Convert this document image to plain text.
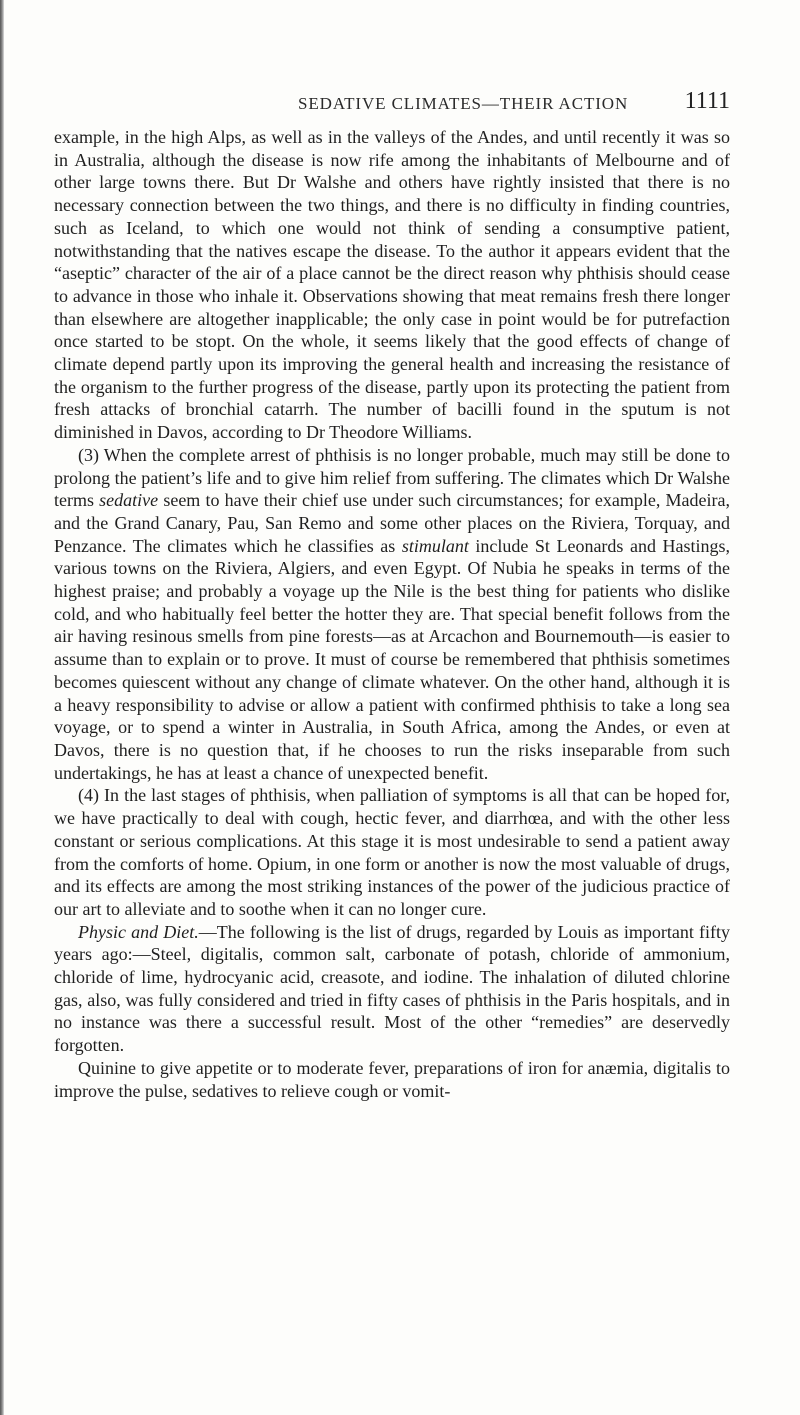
SEDATIVE CLIMATES—THEIR ACTION 1111

example, in the high Alps, as well as in the valleys of the Andes, and until recently it was so in Australia, although the disease is now rife among the inhabitants of Melbourne and of other large towns there. But Dr Walshe and others have rightly insisted that there is no necessary connection between the two things, and there is no difficulty in finding countries, such as Iceland, to which one would not think of sending a consumptive patient, notwithstanding that the natives escape the disease. To the author it appears evident that the “aseptic” character of the air of a place cannot be the direct reason why phthisis should cease to advance in those who inhale it. Observations showing that meat remains fresh there longer than elsewhere are altogether inapplicable; the only case in point would be for putrefaction once started to be stopt. On the whole, it seems likely that the good effects of change of climate depend partly upon its improving the general health and increasing the resistance of the organism to the further progress of the disease, partly upon its protecting the patient from fresh attacks of bronchial catarrh. The number of bacilli found in the sputum is not diminished in Davos, according to Dr Theodore Williams.

(3) When the complete arrest of phthisis is no longer probable, much may still be done to prolong the patient’s life and to give him relief from suffering. The climates which Dr Walshe terms sedative seem to have their chief use under such circumstances; for example, Madeira, and the Grand Canary, Pau, San Remo and some other places on the Riviera, Torquay, and Penzance. The climates which he classifies as stimulant include St Leonards and Hastings, various towns on the Riviera, Algiers, and even Egypt. Of Nubia he speaks in terms of the highest praise; and probably a voyage up the Nile is the best thing for patients who dislike cold, and who habitually feel better the hotter they are. That special benefit follows from the air having resinous smells from pine forests—as at Arcachon and Bournemouth—is easier to assume than to explain or to prove. It must of course be remembered that phthisis sometimes becomes quiescent without any change of climate whatever. On the other hand, although it is a heavy responsibility to advise or allow a patient with confirmed phthisis to take a long sea voyage, or to spend a winter in Australia, in South Africa, among the Andes, or even at Davos, there is no question that, if he chooses to run the risks inseparable from such undertakings, he has at least a chance of unexpected benefit.

(4) In the last stages of phthisis, when palliation of symptoms is all that can be hoped for, we have practically to deal with cough, hectic fever, and diarrhœa, and with the other less constant or serious complications. At this stage it is most undesirable to send a patient away from the comforts of home. Opium, in one form or another is now the most valuable of drugs, and its effects are among the most striking instances of the power of the judicious practice of our art to alleviate and to soothe when it can no longer cure.

Physic and Diet.—The following is the list of drugs, regarded by Louis as important fifty years ago:—Steel, digitalis, common salt, carbonate of potash, chloride of ammonium, chloride of lime, hydrocyanic acid, creasote, and iodine. The inhalation of diluted chlorine gas, also, was fully considered and tried in fifty cases of phthisis in the Paris hospitals, and in no instance was there a successful result. Most of the other “remedies” are deservedly forgotten.

Quinine to give appetite or to moderate fever, preparations of iron for anæmia, digitalis to improve the pulse, sedatives to relieve cough or vomit-
